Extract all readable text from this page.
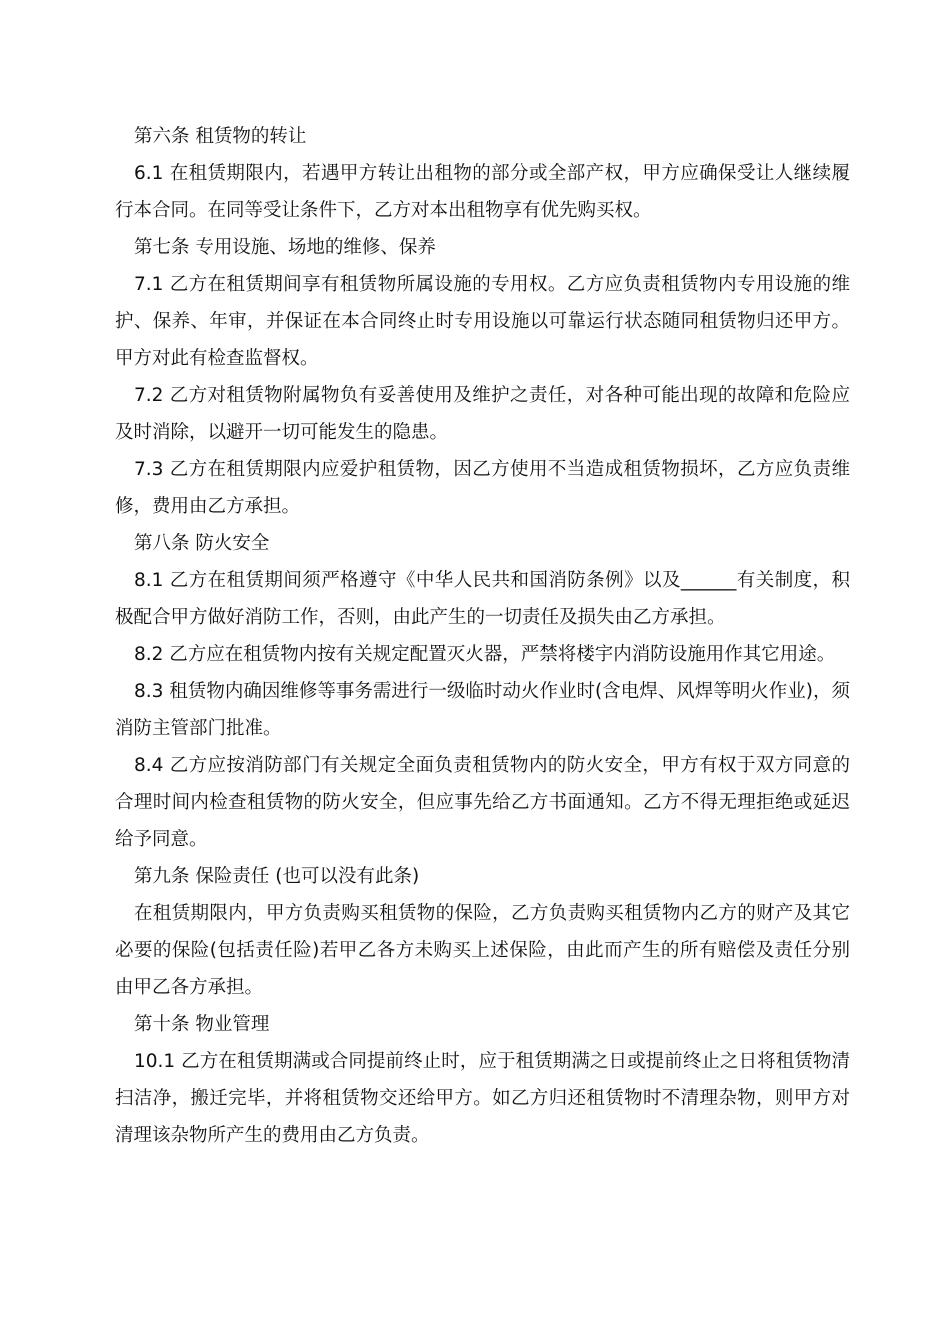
第六条 租赁物的转让

6.1 在租赁期限内，若遇甲方转让出租物的部分或全部产权，甲方应确保受让人继续履行本合同。在同等受让条件下，乙方对本出租物享有优先购买权。

第七条 专用设施、场地的维修、保养

7.1 乙方在租赁期间享有租赁物所属设施的专用权。乙方应负责租赁物内专用设施的维护、保养、年审，并保证在本合同终止时专用设施以可靠运行状态随同租赁物归还甲方。甲方对此有检查监督权。

7.2 乙方对租赁物附属物负有妥善使用及维护之责任，对各种可能出现的故障和危险应及时消除，以避开一切可能发生的隐患。

7.3 乙方在租赁期限内应爱护租赁物，因乙方使用不当造成租赁物损坏，乙方应负责维修，费用由乙方承担。

第八条 防火安全

8.1 乙方在租赁期间须严格遵守《中华人民共和国消防条例》以及______有关制度，积极配合甲方做好消防工作，否则，由此产生的一切责任及损失由乙方承担。

8.2 乙方应在租赁物内按有关规定配置灭火器，严禁将楼宇内消防设施用作其它用途。

8.3 租赁物内确因维修等事务需进行一级临时动火作业时(含电焊、风焊等明火作业)，须消防主管部门批准。

8.4 乙方应按消防部门有关规定全面负责租赁物内的防火安全，甲方有权于双方同意的合理时间内检查租赁物的防火安全，但应事先给乙方书面通知。乙方不得无理拒绝或延迟给予同意。

第九条 保险责任 (也可以没有此条)

在租赁期限内，甲方负责购买租赁物的保险，乙方负责购买租赁物内乙方的财产及其它必要的保险(包括责任险)若甲乙各方未购买上述保险，由此而产生的所有赔偿及责任分别由甲乙各方承担。

第十条 物业管理

10.1 乙方在租赁期满或合同提前终止时，应于租赁期满之日或提前终止之日将租赁物清扫洁净，搬迁完毕，并将租赁物交还给甲方。如乙方归还租赁物时不清理杂物，则甲方对清理该杂物所产生的费用由乙方负责。
